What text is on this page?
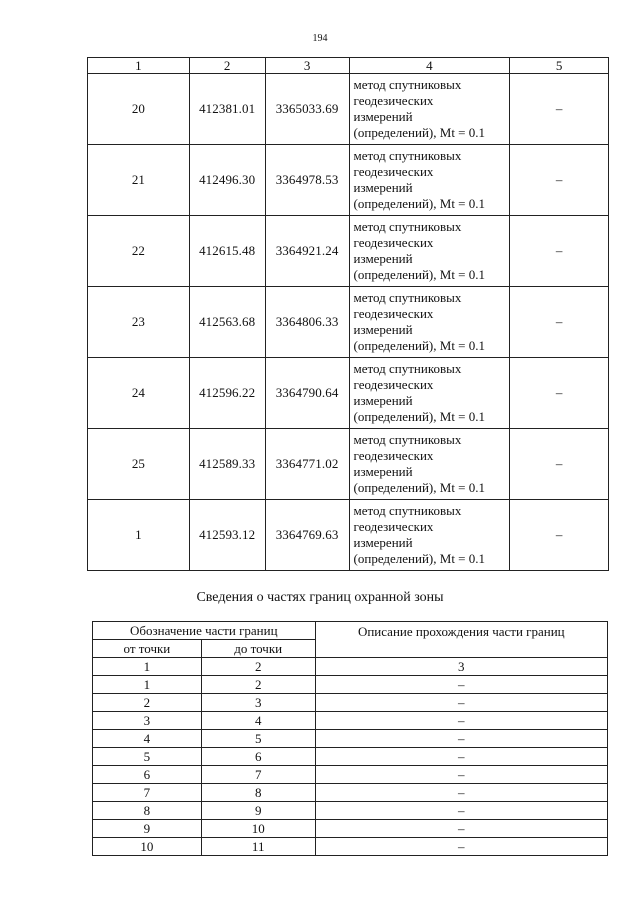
194
1	2	3	4	5
20	412381.01	3365033.69	метод спутниковых
геодезических
измерений
(определений), Mt = 0.1	–
21	412496.30	3364978.53	метод спутниковых
геодезических
измерений
(определений), Mt = 0.1	–
22	412615.48	3364921.24	метод спутниковых
геодезических
измерений
(определений), Mt = 0.1	–
23	412563.68	3364806.33	метод спутниковых
геодезических
измерений
(определений), Mt = 0.1	–
24	412596.22	3364790.64	метод спутниковых
геодезических
измерений
(определений), Mt = 0.1	–
25	412589.33	3364771.02	метод спутниковых
геодезических
измерений
(определений), Mt = 0.1	–
1	412593.12	3364769.63	метод спутниковых
геодезических
измерений
(определений), Mt = 0.1	–
Сведения о частях границ охранной зоны
Обозначение части границ		Описание прохождения части границ
от точки	до точки	
1	2	3
1	2	–
2	3	–
3	4	–
4	5	–
5	6	–
6	7	–
7	8	–
8	9	–
9	10	–
10	11	–
